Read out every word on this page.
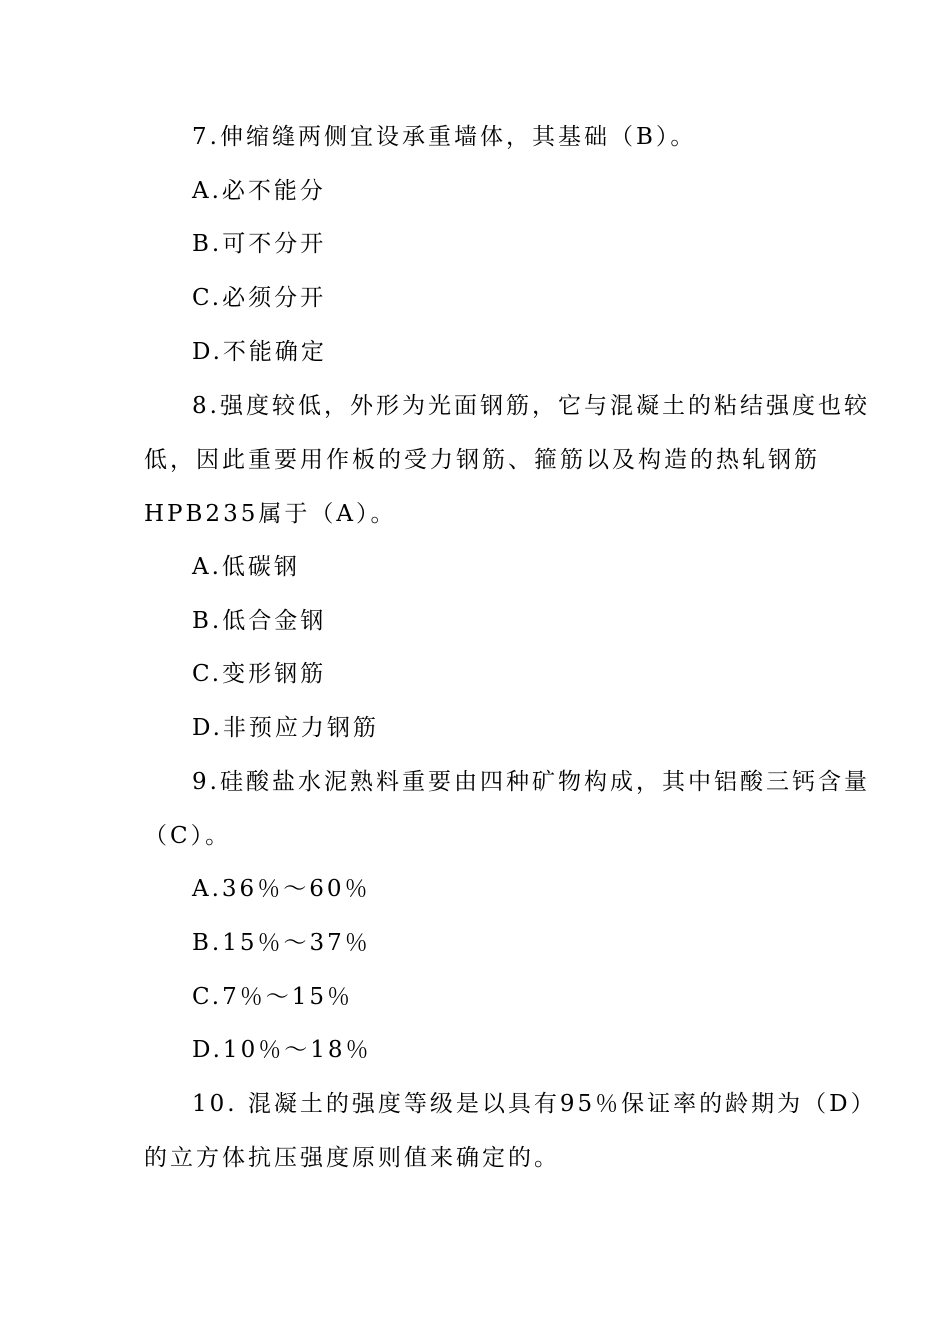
7.伸缩缝两侧宜设承重墙体，其基础（B）。
A.必不能分
B.可不分开
C.必须分开
D.不能确定
8.强度较低，外形为光面钢筋，它与混凝土的粘结强度也较
低，因此重要用作板的受力钢筋、箍筋以及构造的热轧钢筋
HPB235属于（A）。
A.低碳钢
B.低合金钢
C.变形钢筋
D.非预应力钢筋
9.硅酸盐水泥熟料重要由四种矿物构成，其中铝酸三钙含量
（C）。
A.36％～60％
B.15％～37％
C.7％～15％
D.10％～18％
10. 混凝土的强度等级是以具有95％保证率的龄期为（D）
的立方体抗压强度原则值来确定的。
